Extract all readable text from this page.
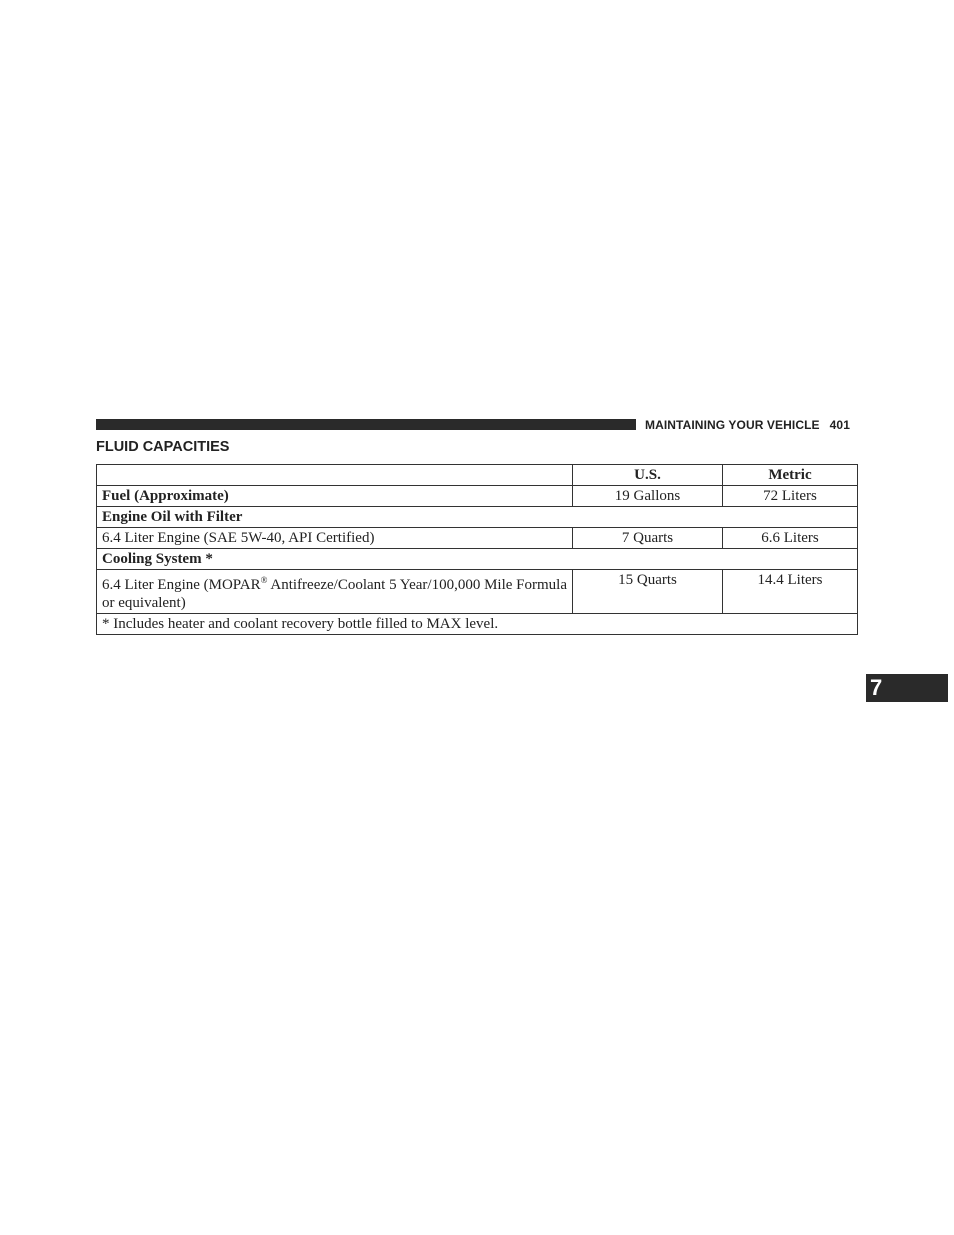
MAINTAINING YOUR VEHICLE 401
FLUID CAPACITIES
	U.S.	Metric
Fuel (Approximate)	19 Gallons	72 Liters
Engine Oil with Filter		
6.4 Liter Engine (SAE 5W-40, API Certified)	7 Quarts	6.6 Liters
Cooling System *		
6.4 Liter Engine (MOPAR® Antifreeze/Coolant 5 Year/100,000 Mile Formula or equivalent)	15 Quarts	14.4 Liters
* Includes heater and coolant recovery bottle filled to MAX level.		
7
